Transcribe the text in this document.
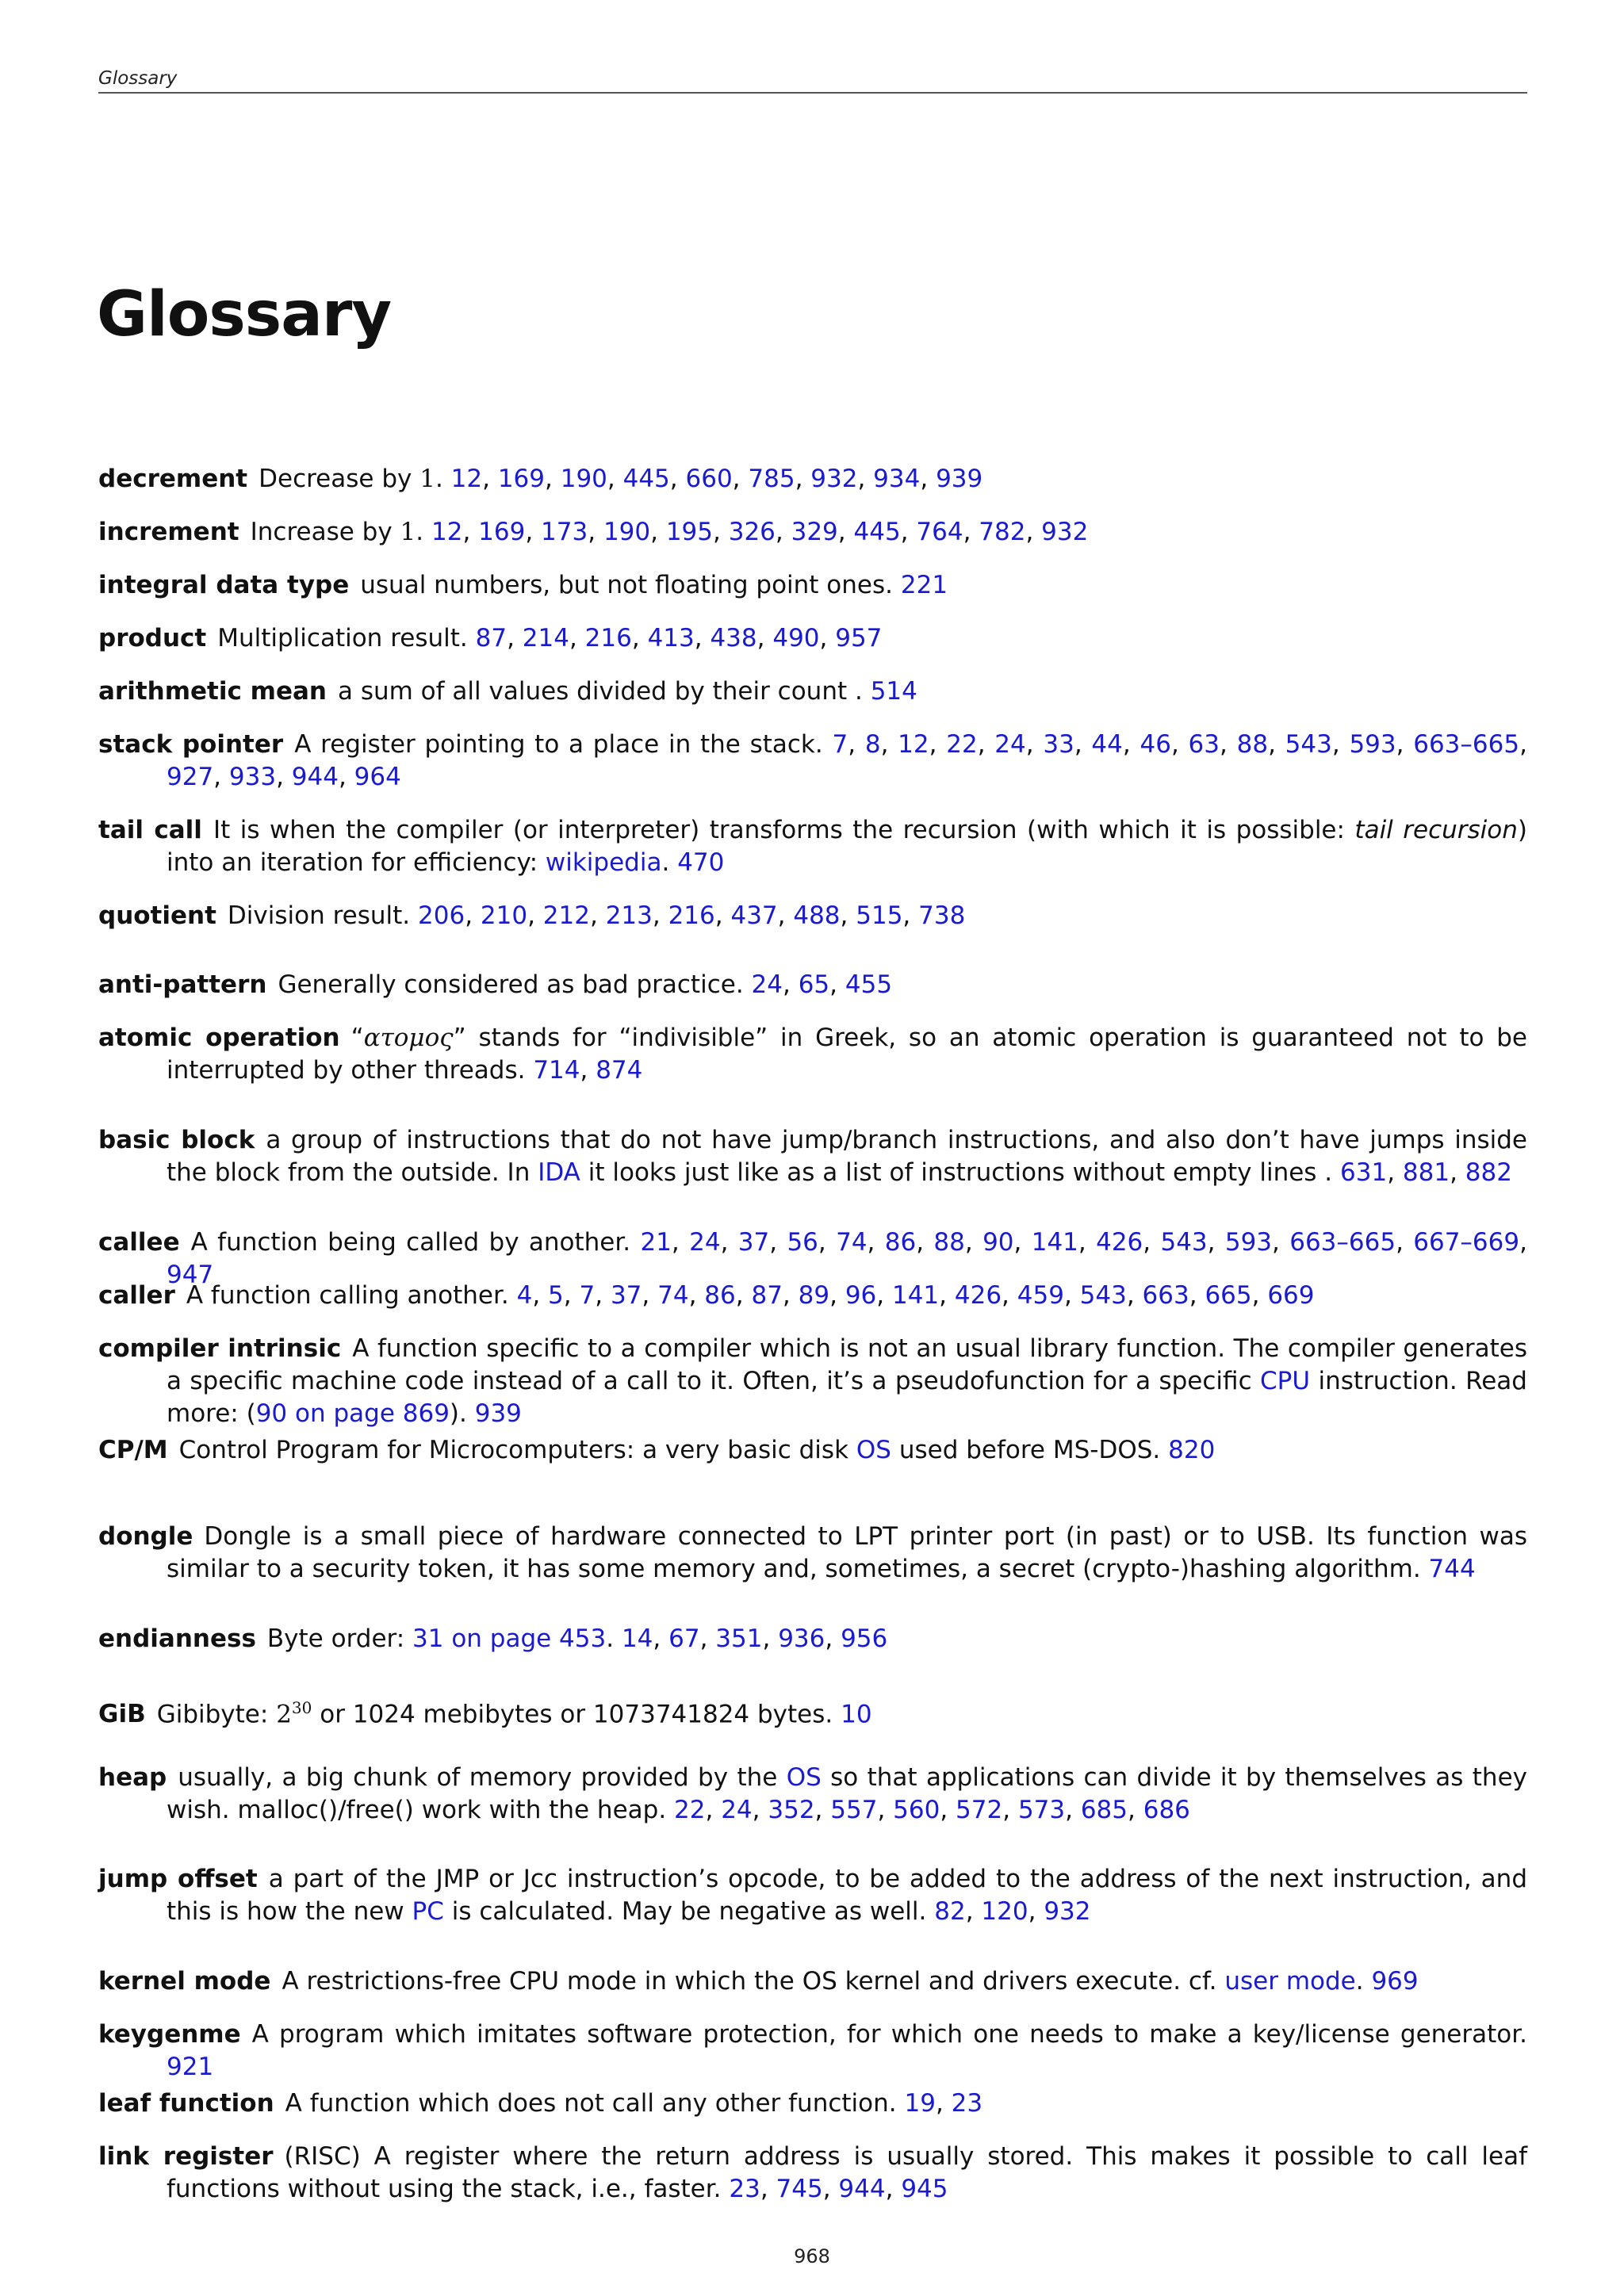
Glossary
Glossary
decrement Decrease by 1. 12, 169, 190, 445, 660, 785, 932, 934, 939
increment Increase by 1. 12, 169, 173, 190, 195, 326, 329, 445, 764, 782, 932
integral data type usual numbers, but not floating point ones. 221
product Multiplication result. 87, 214, 216, 413, 438, 490, 957
arithmetic mean a sum of all values divided by their count . 514
stack pointer A register pointing to a place in the stack. 7, 8, 12, 22, 24, 33, 44, 46, 63, 88, 543, 593, 663–665, 927, 933, 944, 964
tail call It is when the compiler (or interpreter) transforms the recursion (with which it is possible: tail recursion) into an iteration for efficiency: wikipedia. 470
quotient Division result. 206, 210, 212, 213, 216, 437, 488, 515, 738
anti-pattern Generally considered as bad practice. 24, 65, 455
atomic operation “ατομος” stands for “indivisible” in Greek, so an atomic operation is guaranteed not to be interrupted by other threads. 714, 874
basic block a group of instructions that do not have jump/branch instructions, and also don’t have jumps inside the block from the outside. In IDA it looks just like as a list of instructions without empty lines . 631, 881, 882
callee A function being called by another. 21, 24, 37, 56, 74, 86, 88, 90, 141, 426, 543, 593, 663–665, 667–669, 947
caller A function calling another. 4, 5, 7, 37, 74, 86, 87, 89, 96, 141, 426, 459, 543, 663, 665, 669
compiler intrinsic A function specific to a compiler which is not an usual library function. The compiler generates a specific machine code instead of a call to it. Often, it’s a pseudofunction for a specific CPU instruction. Read more: (90 on page 869). 939
CP/M Control Program for Microcomputers: a very basic disk OS used before MS-DOS. 820
dongle Dongle is a small piece of hardware connected to LPT printer port (in past) or to USB. Its function was similar to a security token, it has some memory and, sometimes, a secret (crypto-)hashing algorithm. 744
endianness Byte order: 31 on page 453. 14, 67, 351, 936, 956
GiB Gibibyte: $2^{30}$ or 1024 mebibytes or 1073741824 bytes. 10
heap usually, a big chunk of memory provided by the OS so that applications can divide it by themselves as they wish. malloc()/free() work with the heap. 22, 24, 352, 557, 560, 572, 573, 685, 686
jump offset a part of the JMP or Jcc instruction’s opcode, to be added to the address of the next instruction, and this is how the new PC is calculated. May be negative as well. 82, 120, 932
kernel mode A restrictions-free CPU mode in which the OS kernel and drivers execute. cf. user mode. 969
keygenme A program which imitates software protection, for which one needs to make a key/license generator. 921
leaf function A function which does not call any other function. 19, 23
link register (RISC) A register where the return address is usually stored. This makes it possible to call leaf functions without using the stack, i.e., faster. 23, 745, 944, 945
968
